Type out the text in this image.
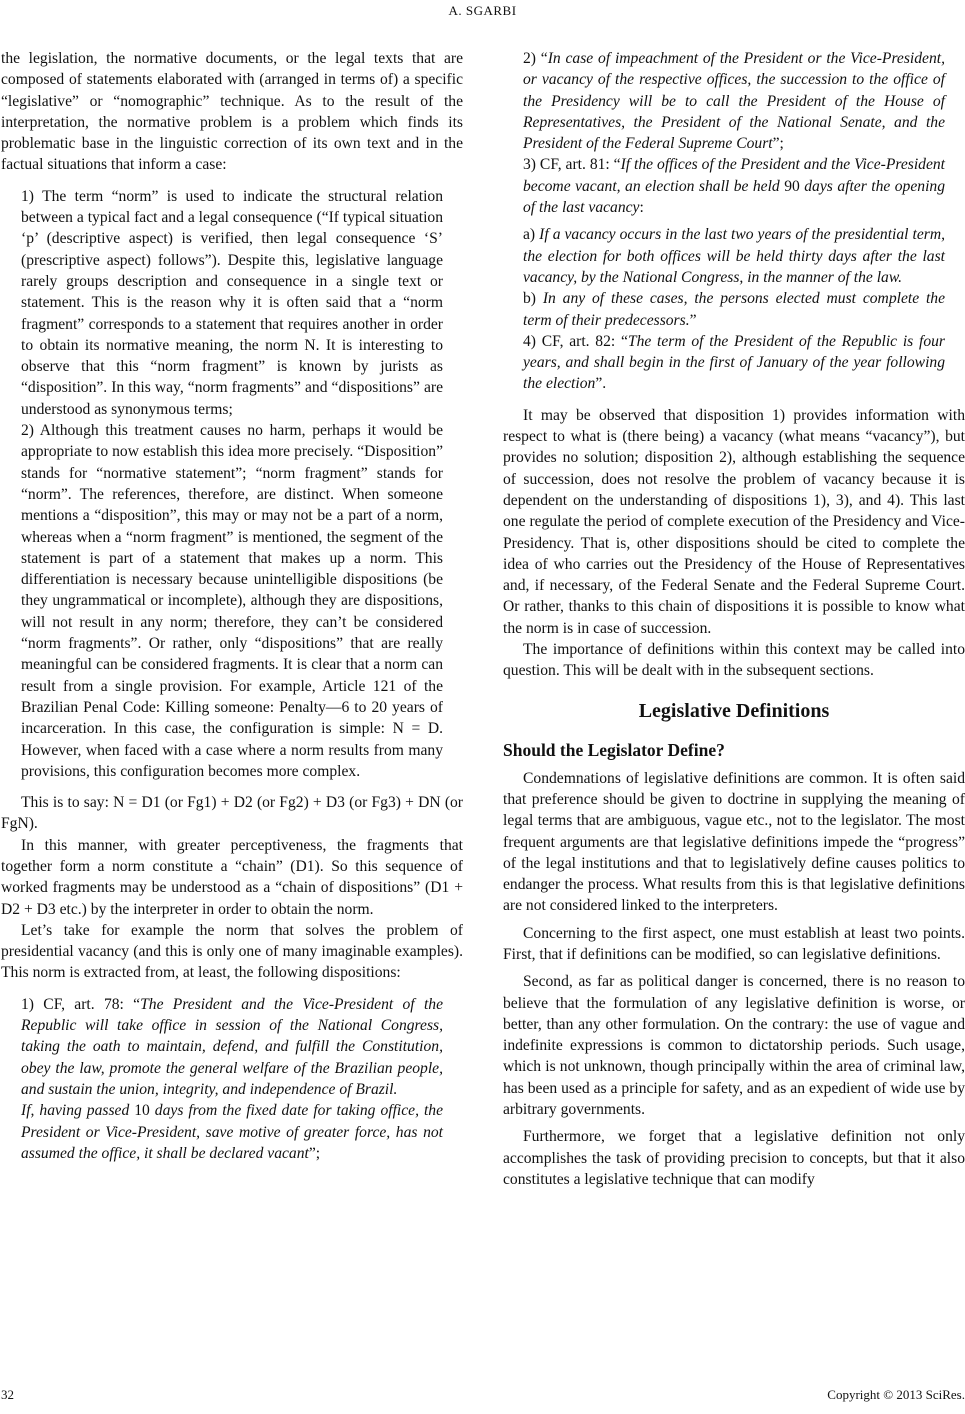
A. SGARBI

the legislation, the normative documents, or the legal texts that are composed of statements elaborated with (arranged in terms of) a specific “legislative” or “nomographic” technique. As to the result of the interpretation, the normative problem is a problem which finds its problematic base in the linguistic correction of its own text and in the factual situations that inform a case:

1) The term “norm” is used to indicate the structural relation between a typical fact and a legal consequence (“If typical situation ‘p’ (descriptive aspect) is verified, then legal consequence ‘S’ (prescriptive aspect) follows”). Despite this, legislative language rarely groups description and consequence in a single text or statement. This is the reason why it is often said that a “norm fragment” corresponds to a statement that requires another in order to obtain its normative meaning, the norm N. It is interesting to observe that this “norm fragment” is known by jurists as “disposition”. In this way, “norm fragments” and “dispositions” are understood as synonymous terms;

2) Although this treatment causes no harm, perhaps it would be appropriate to now establish this idea more precisely. “Disposition” stands for “normative statement”; “norm fragment” stands for “norm”. The references, therefore, are distinct. When someone mentions a “disposition”, this may or may not be a part of a norm, whereas when a “norm fragment” is mentioned, the segment of the statement is part of a statement that makes up a norm. This differentiation is necessary because unintelligible dispositions (be they ungrammatical or incomplete), although they are dispositions, will not result in any norm; therefore, they can’t be considered “norm fragments”. Or rather, only “dispositions” that are really meaningful can be considered fragments. It is clear that a norm can result from a single provision. For example, Article 121 of the Brazilian Penal Code: Killing someone: Penalty—6 to 20 years of incarceration. In this case, the configuration is simple: N = D. However, when faced with a case where a norm results from many provisions, this configuration becomes more complex.

This is to say: N = D1 (or Fg1) + D2 (or Fg2) + D3 (or Fg3) + DN (or FgN).

In this manner, with greater perceptiveness, the fragments that together form a norm constitute a “chain” (D1). So this sequence of worked fragments may be understood as a “chain of dispositions” (D1 + D2 + D3 etc.) by the interpreter in order to obtain the norm.

Let’s take for example the norm that solves the problem of presidential vacancy (and this is only one of many imaginable examples). This norm is extracted from, at least, the following dispositions:

1) CF, art. 78: “The President and the Vice-President of the Republic will take office in session of the National Congress, taking the oath to maintain, defend, and fulfill the Constitution, obey the law, promote the general welfare of the Brazilian people, and sustain the union, integrity, and independence of Brazil.

If, having passed 10 days from the fixed date for taking office, the President or Vice-President, save motive of greater force, has not assumed the office, it shall be declared vacant”;

2) “In case of impeachment of the President or the Vice-President, or vacancy of the respective offices, the succession to the office of the Presidency will be to call the President of the House of Representatives, the President of the National Senate, and the President of the Federal Supreme Court”;

3) CF, art. 81: “If the offices of the President and the Vice-President become vacant, an election shall be held 90 days after the opening of the last vacancy:

a) If a vacancy occurs in the last two years of the presidential term, the election for both offices will be held thirty days after the last vacancy, by the National Congress, in the manner of the law.

b) In any of these cases, the persons elected must complete the term of their predecessors.”

4) CF, art. 82: “The term of the President of the Republic is four years, and shall begin in the first of January of the year following the election”.

It may be observed that disposition 1) provides information with respect to what is (there being) a vacancy (what means “vacancy”), but provides no solution; disposition 2), although establishing the sequence of succession, does not resolve the problem of vacancy because it is dependent on the understanding of dispositions 1), 3), and 4). This last one regulate the period of complete execution of the Presidency and Vice-Presidency. That is, other dispositions should be cited to complete the idea of who carries out the Presidency of the House of Representatives and, if necessary, of the Federal Senate and the Federal Supreme Court. Or rather, thanks to this chain of dispositions it is possible to know what the norm is in case of succession.

The importance of definitions within this context may be called into question. This will be dealt with in the subsequent sections.

Legislative Definitions
Should the Legislator Define?

Condemnations of legislative definitions are common. It is often said that preference should be given to doctrine in supplying the meaning of legal terms that are ambiguous, vague etc., not to the legislator. The most frequent arguments are that legislative definitions impede the “progress” of the legal institutions and that to legislatively define causes politics to endanger the process. What results from this is that legislative definitions are not considered linked to the interpreters.

Concerning to the first aspect, one must establish at least two points. First, that if definitions can be modified, so can legislative definitions.

Second, as far as political danger is concerned, there is no reason to believe that the formulation of any legislative definition is worse, or better, than any other formulation. On the contrary: the use of vague and indefinite expressions is common to dictatorship periods. Such usage, which is not unknown, though principally within the area of criminal law, has been used as a principle for safety, and as an expedient of wide use by arbitrary governments.

Furthermore, we forget that a legislative definition not only accomplishes the task of providing precision to concepts, but that it also constitutes a legislative technique that can modify

32	Copyright © 2013 SciRes.
